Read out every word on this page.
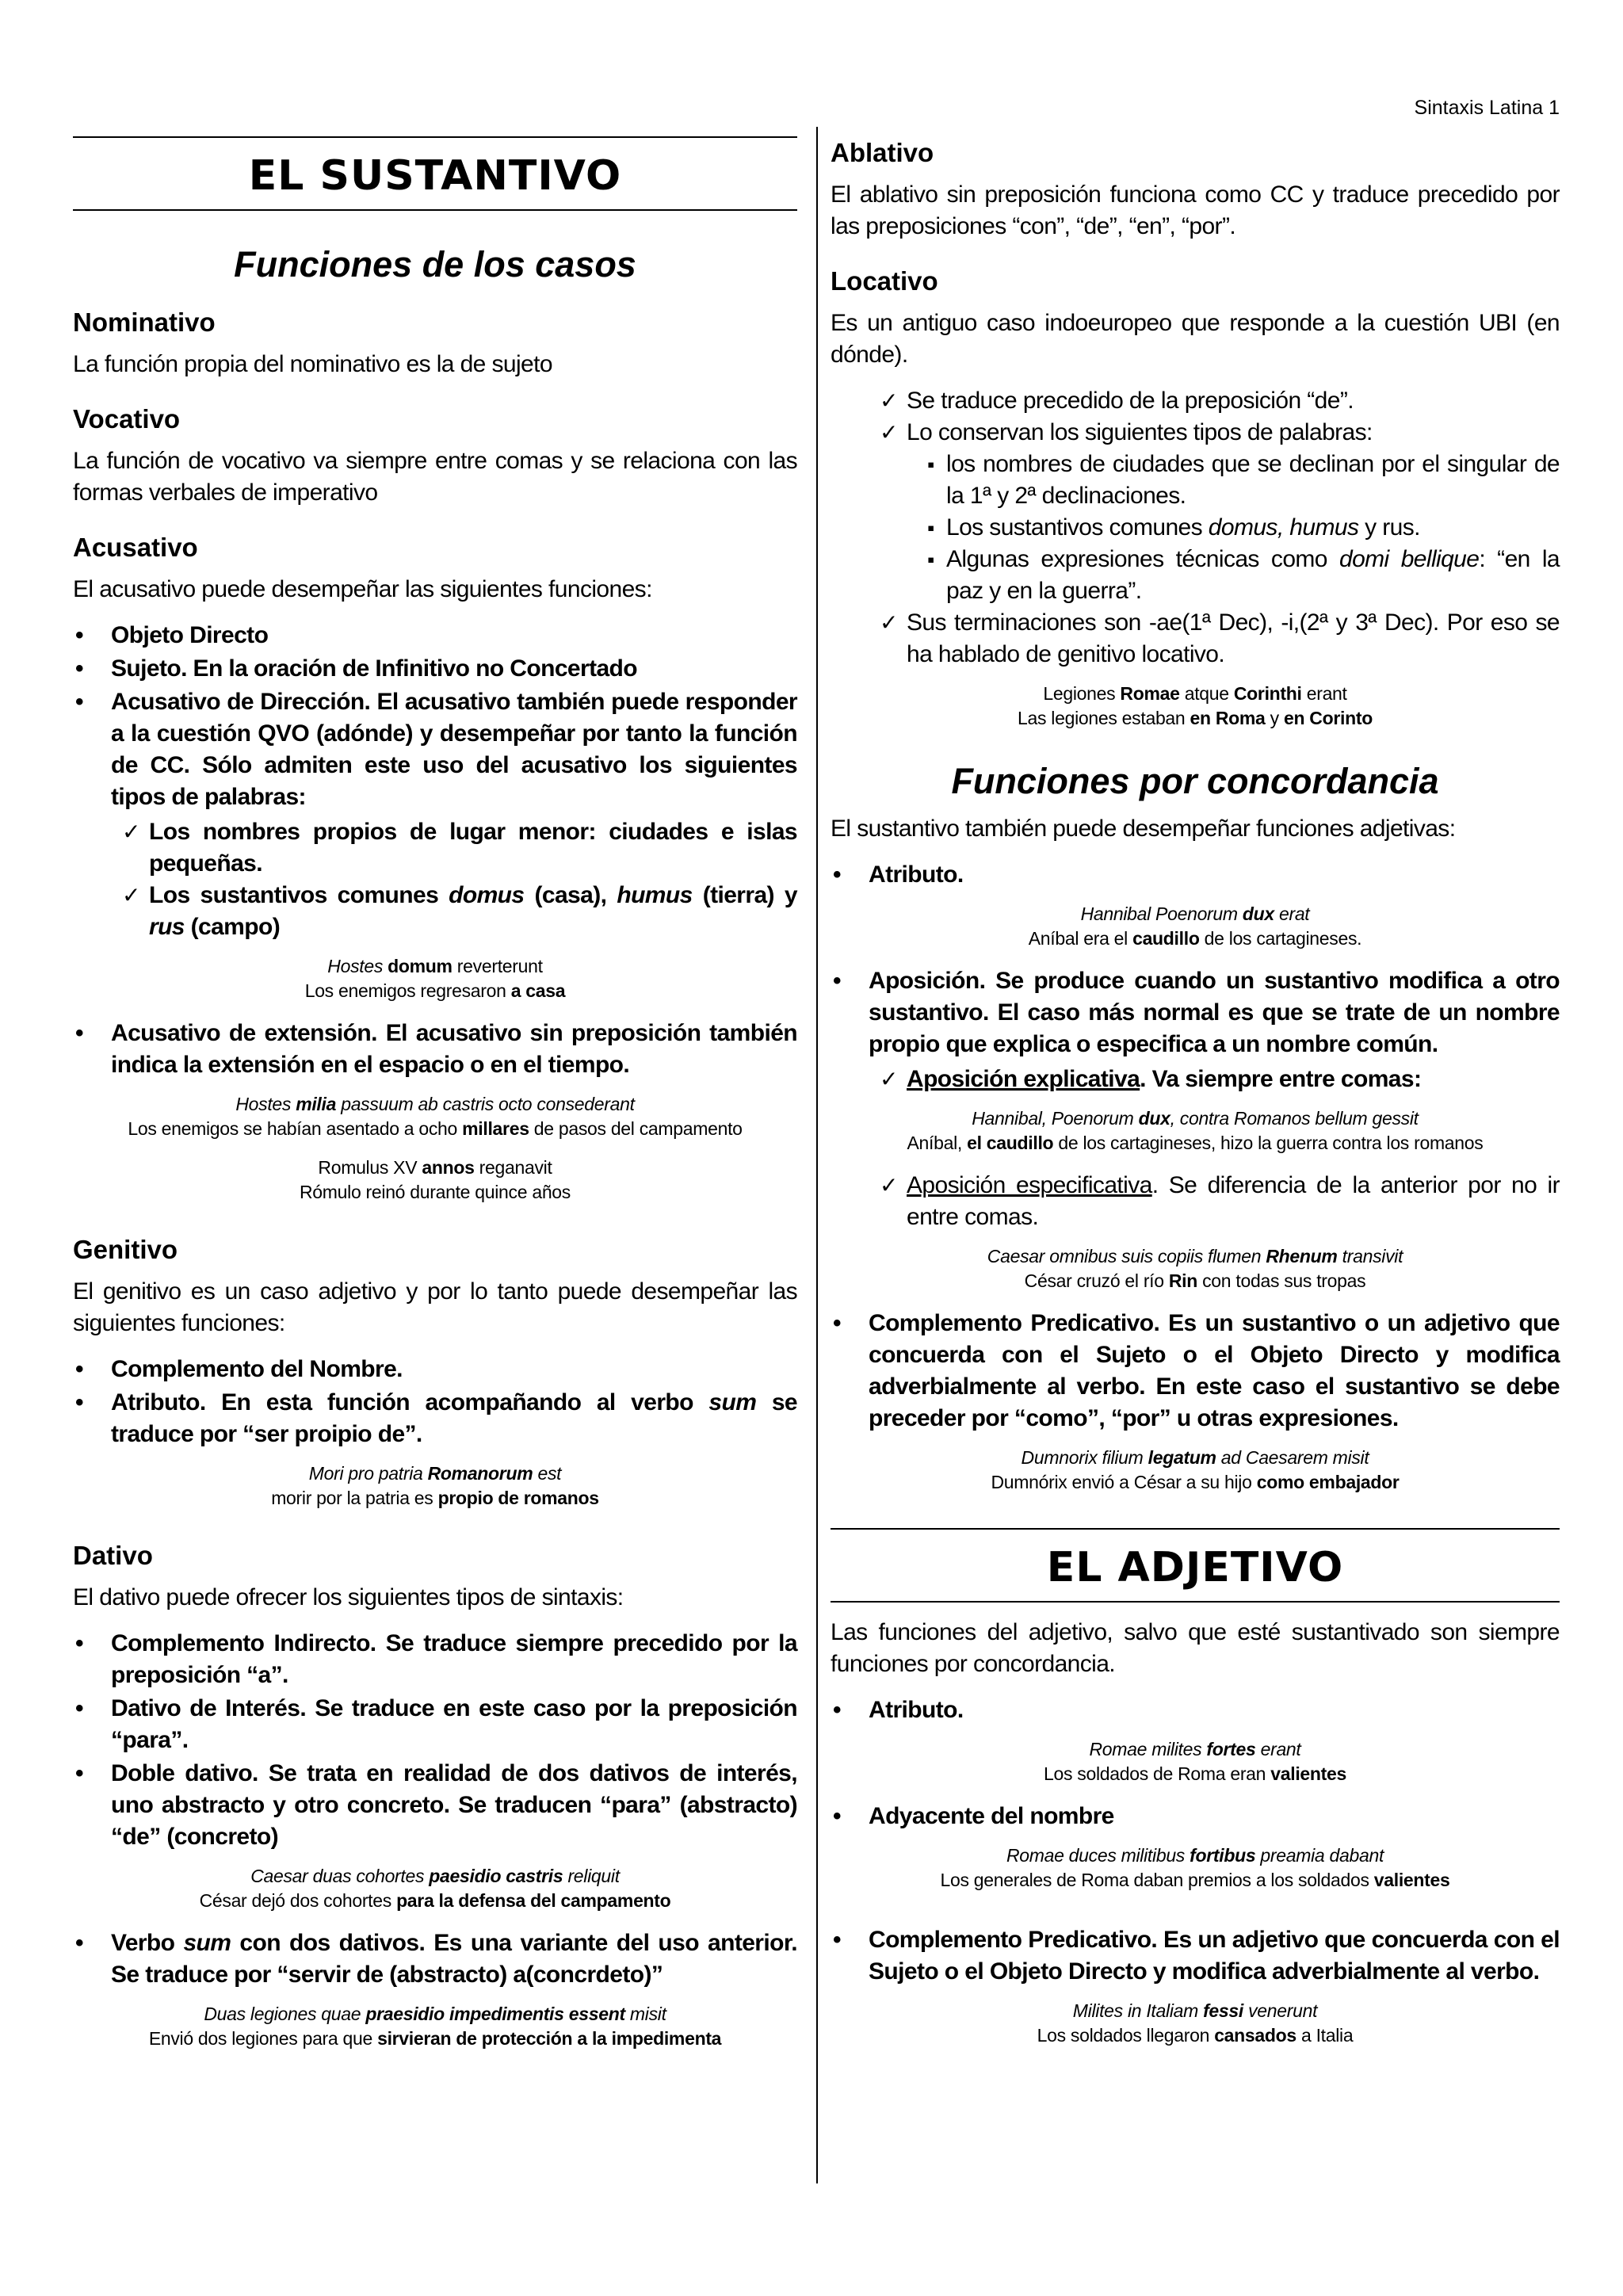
Sintaxis Latina 1
EL SUSTANTIVO
Funciones de los casos
Nominativo

La función propia del nominativo es la de sujeto

Vocativo

La función de vocativo va siempre entre comas y se relaciona con las formas verbales de imperativo

Acusativo

El acusativo puede desempeñar las siguientes funciones:

• Objeto Directo
• Sujeto. En la oración de Infinitivo no Concertado
• Acusativo de Dirección. El acusativo también puede responder a la cuestión QVO (adónde) y desempeñar por tanto la función de CC. Sólo admiten este uso del acusativo los siguientes tipos de palabras:
✓ Los nombres propios de lugar menor: ciudades e islas pequeñas.
✓ Los sustantivos comunes domus (casa), humus (tierra) y rus (campo)
Hostes domum reverterunt
Los enemigos regresaron a casa
• Acusativo de extensión. El acusativo sin preposición también indica la extensión en el espacio o en el tiempo.
Hostes milia passuum ab castris octo consederant
Los enemigos se habían asentado a ocho millares de pasos del campamento
Romulus XV annos reganavit
Rómulo reinó durante quince años
Genitivo

El genitivo es un caso adjetivo y por lo tanto puede desempeñar las siguientes funciones:

• Complemento del Nombre.
• Atributo. En esta función acompañando al verbo sum se traduce por “ser proipio de”.
Mori pro patria Romanorum est
morir por la patria es propio de romanos
Dativo

El dativo puede ofrecer los siguientes tipos de sintaxis:

• Complemento Indirecto. Se traduce siempre precedido por la preposición “a”.
• Dativo de Interés. Se traduce en este caso por la preposición “para”.
• Doble dativo. Se trata en realidad de dos dativos de interés, uno abstracto y otro concreto. Se traducen “para” (abstracto) “de” (concreto)
Caesar duas cohortes paesidio castris reliquit
César dejó dos cohortes para la defensa del campamento
• Verbo sum con dos dativos. Es una variante del uso anterior. Se traduce por “servir de (abstracto) a(concrdeto)”
Duas legiones quae praesidio impedimentis essent misit
Envió dos legiones para que sirvieran de protección a la impedimenta
Ablativo

El ablativo sin preposición funciona como CC y traduce precedido por las preposiciones “con”, “de”, “en”, “por”.

Locativo

Es un antiguo caso indoeuropeo que responde a la cuestión UBI (en dónde).

✓ Se traduce precedido de la preposición “de”.
✓ Lo conservan los siguientes tipos de palabras:
▪ los nombres de ciudades que se declinan por el singular de la 1ª y 2ª declinaciones.
▪ Los sustantivos comunes domus, humus y rus.
▪ Algunas expresiones técnicas como domi bellique: “en la paz y en la guerra”.
✓ Sus terminaciones son -ae(1ª Dec), -i,(2ª y 3ª Dec). Por eso se ha hablado de genitivo locativo.
Legiones Romae atque Corinthi erant
Las legiones estaban en Roma y en Corinto
Funciones por concordancia

El sustantivo también puede desempeñar funciones adjetivas:

• Atributo.
Hannibal Poenorum dux erat
Aníbal era el caudillo de los cartagineses.
• Aposición. Se produce cuando un sustantivo modifica a otro sustantivo. El caso más normal es que se trate de un nombre propio que explica o especifica a un nombre común.
✓ Aposición explicativa. Va siempre entre comas:
Hannibal, Poenorum dux, contra Romanos bellum gessit
Aníbal, el caudillo de los cartagineses, hizo la guerra contra los romanos
✓ Aposición especificativa. Se diferencia de la anterior por no ir entre comas.
Caesar omnibus suis copiis flumen Rhenum transivit
César cruzó el río Rin con todas sus tropas
• Complemento Predicativo. Es un sustantivo o un adjetivo que concuerda con el Sujeto o el Objeto Directo y modifica adverbialmente al verbo. En este caso el sustantivo se debe preceder por “como”, “por” u otras expresiones.
Dumnorix filium legatum ad Caesarem misit
Dumnórix envió a César a su hijo como embajador
EL ADJETIVO

Las funciones del adjetivo, salvo que esté sustantivado son siempre funciones por concordancia.

• Atributo.
Romae milites fortes erant
Los soldados de Roma eran valientes
• Adyacente del nombre
Romae duces militibus fortibus preamia dabant
Los generales de Roma daban premios a los soldados valientes
• Complemento Predicativo. Es un adjetivo que concuerda con el Sujeto o el Objeto Directo y modifica adverbialmente al verbo.
Milites in Italiam fessi venerunt
Los soldados llegaron cansados a Italia
